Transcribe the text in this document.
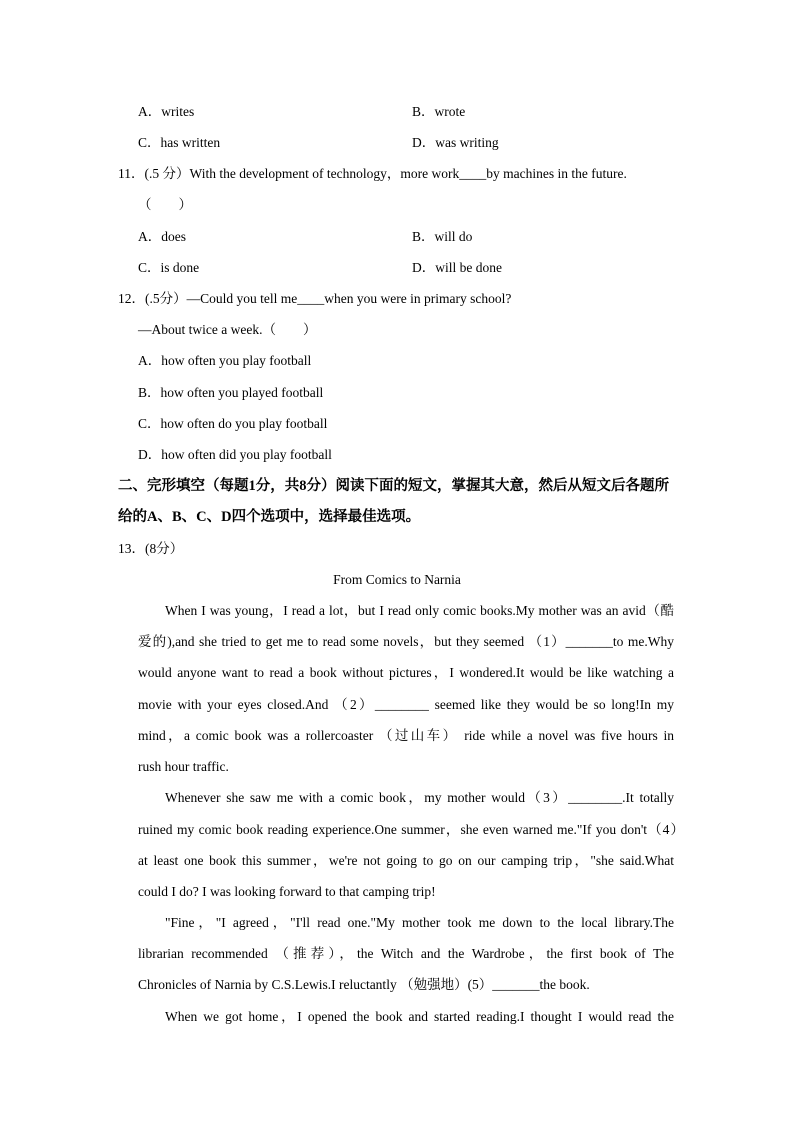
A．writes	B．wrote
C．has written	D．was writing
11．(.5 分）With the development of technology，more work____by machines in the future.
（　　）
A．does	B．will do
C．is done	D．will be done
12．(.5分）—Could you tell me____when you were in primary school?
—About twice a week.（　　）
A．how often you play football
B．how often you played football
C．how often do you play football
D．how often did you play football
二、完形填空（每题1分，共8分）阅读下面的短文，掌握其大意，然后从短文后各题所
给的A、B、C、D四个选项中，选择最佳选项。
13．(8分）
From Comics to Narnia
When I was young，I read a lot，but I read only comic books.My mother was an avid（酷
爱的),and she tried to get me to read some novels，but they seemed （1）_______to me.Why
would anyone want to read a book without pictures，I wondered.It would be like watching a
movie with your eyes closed.And （2）________ seemed like they would be so long!In my
mind，a comic book was a rollercoaster （过山车） ride while a novel was five hours in
rush hour traffic.
Whenever she saw me with a comic book，my mother would（3）________.It totally
ruined my comic book reading experience.One summer，she even warned me."If you don't（4）
at least one book this summer，we're not going to go on our camping trip，"she said.What
could I do? I was looking forward to that camping trip!
"Fine，"I agreed，"I'll read one."My mother took me down to the local library.The
librarian recommended （推荐），the Witch and the Wardrobe，the first book of The
Chronicles of Narnia by C.S.Lewis.I reluctantly （勉强地）(5）_______the book.
When we got home，I opened the book and started reading.I thought I would read the
